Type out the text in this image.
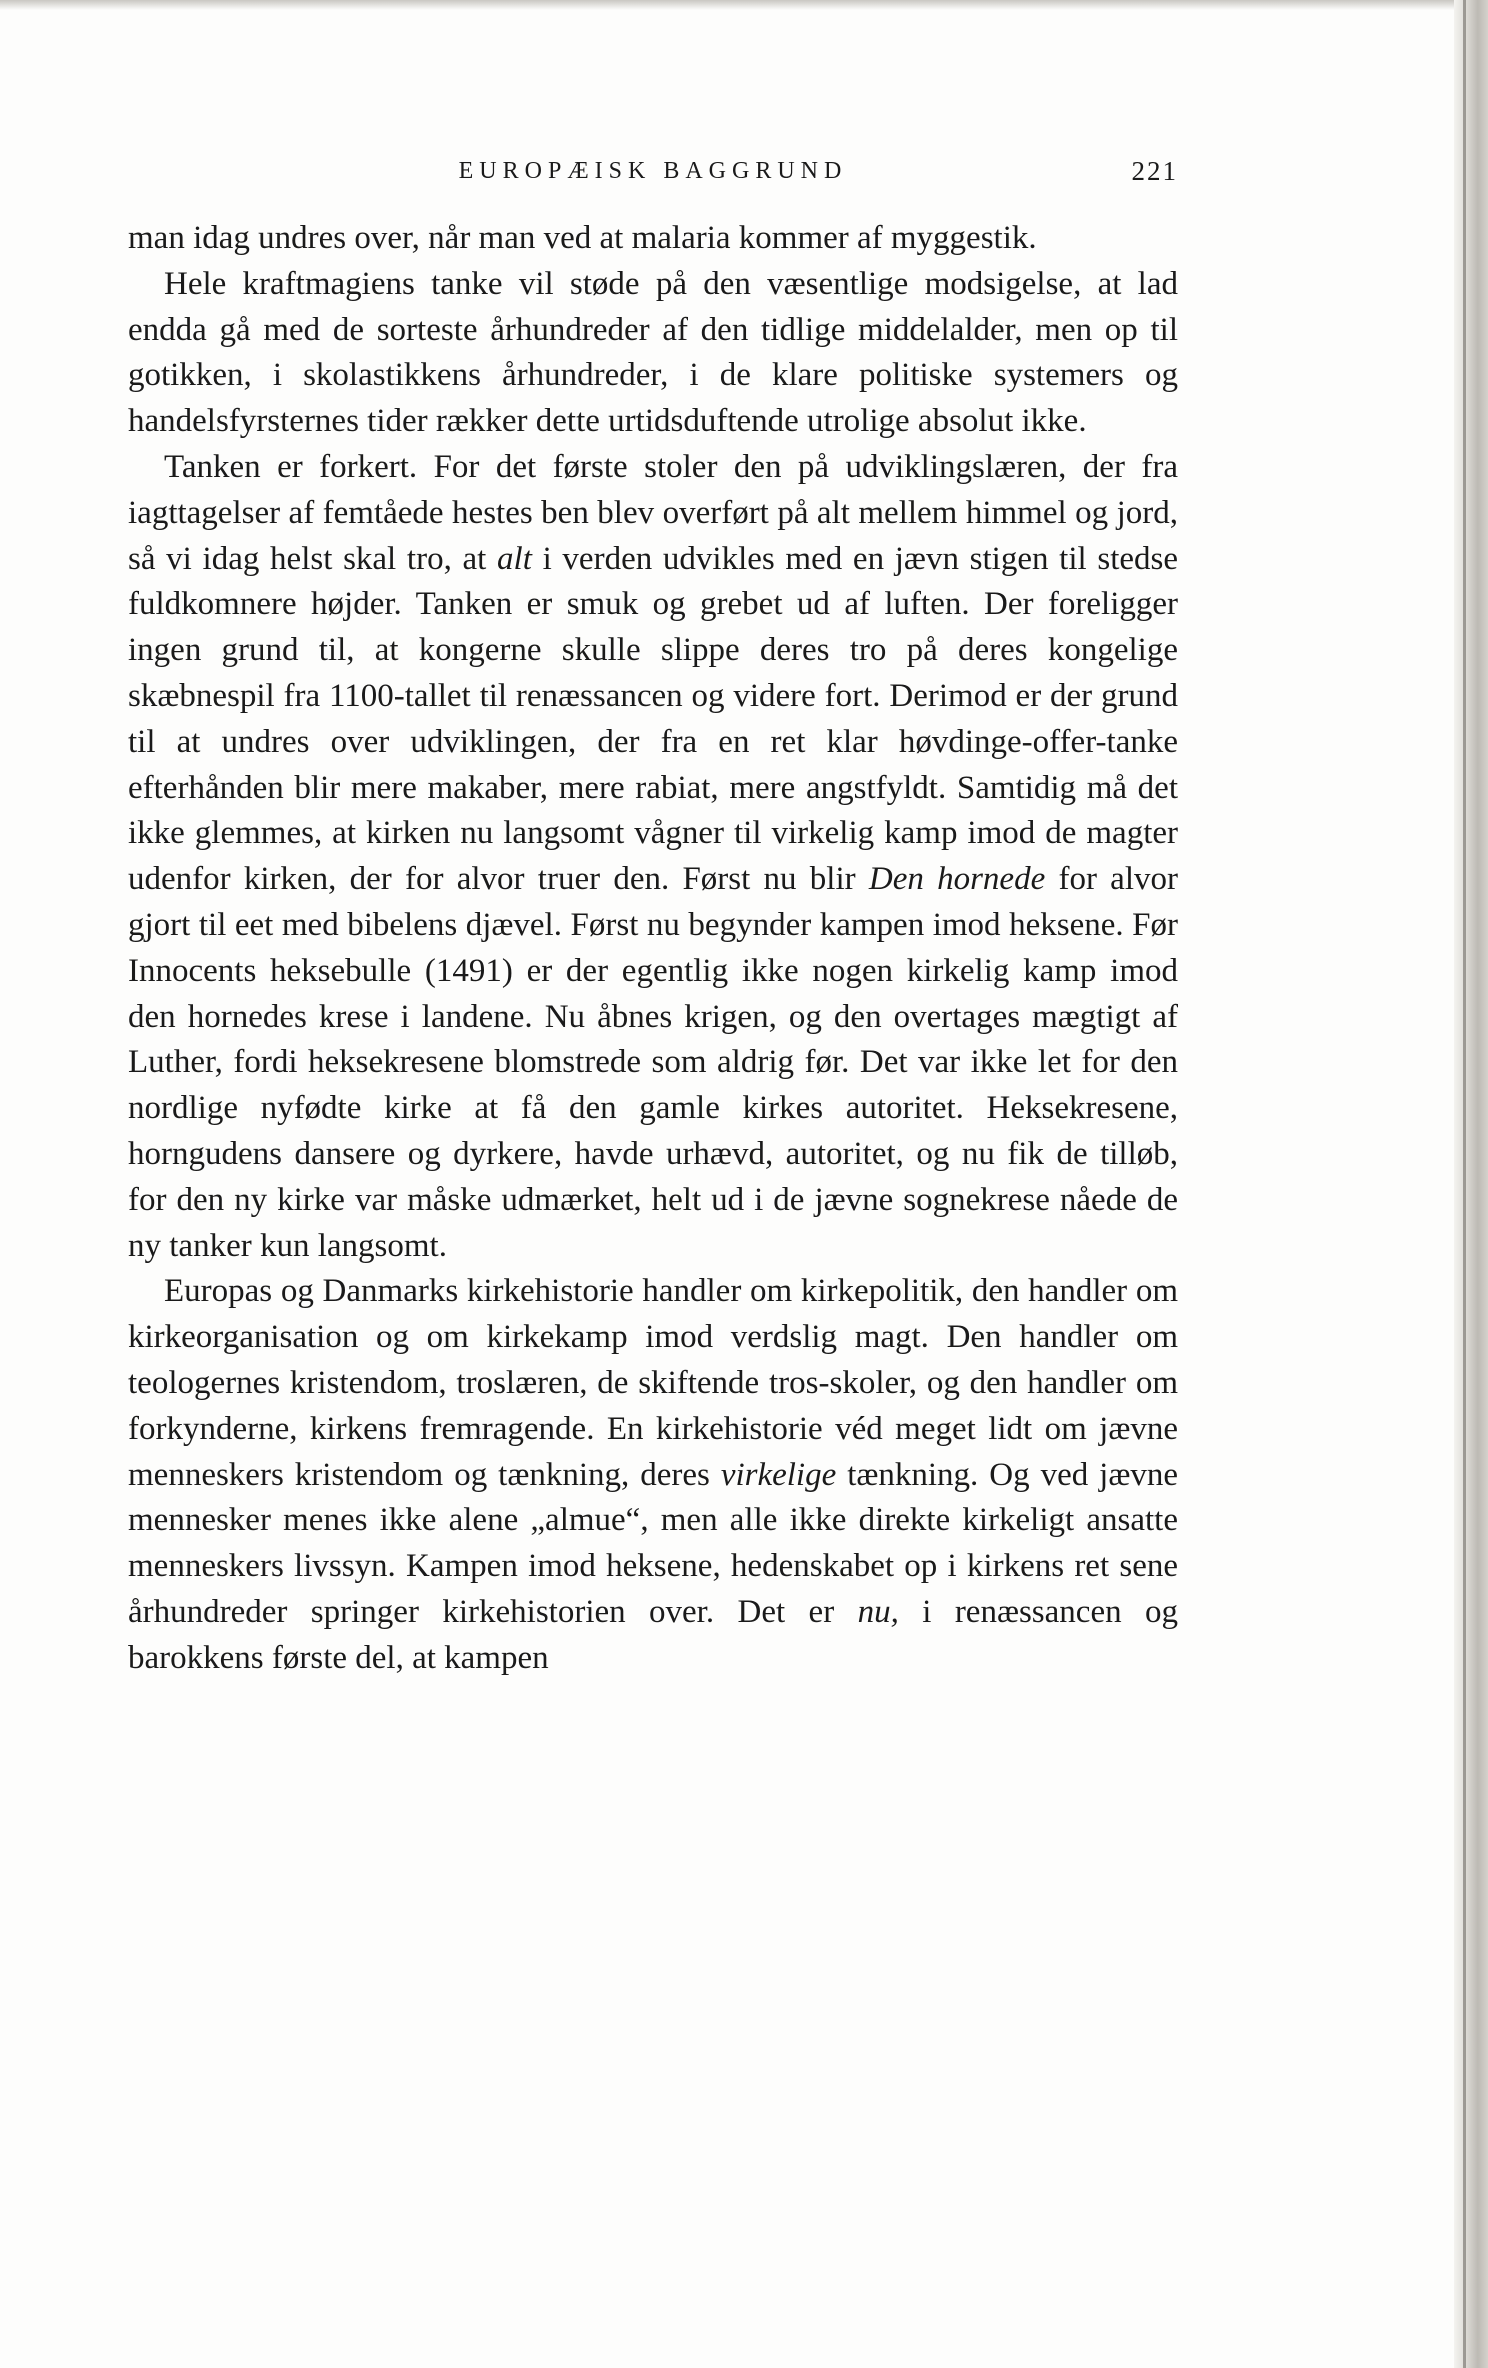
EUROPÆISK BAGGRUND	221

man idag undres over, når man ved at malaria kommer af myggestik.

Hele kraftmagiens tanke vil støde på den væsentlige modsigelse, at lad endda gå med de sorteste århundreder af den tidlige middelalder, men op til gotikken, i skolastikkens århundreder, i de klare politiske systemers og handelsfyrsternes tider rækker dette urtidsduftende utrolige absolut ikke.

Tanken er forkert. For det første stoler den på udviklingslæren, der fra iagttagelser af femtåede hestes ben blev overført på alt mellem himmel og jord, så vi idag helst skal tro, at alt i verden udvikles med en jævn stigen til stedse fuldkomnere højder. Tanken er smuk og grebet ud af luften. Der foreligger ingen grund til, at kongerne skulle slippe deres tro på deres kongelige skæbnespil fra 1100-tallet til renæssancen og videre fort. Derimod er der grund til at undres over udviklingen, der fra en ret klar høvdinge-offer-tanke efterhånden blir mere makaber, mere rabiat, mere angstfyldt. Samtidig må det ikke glemmes, at kirken nu langsomt vågner til virkelig kamp imod de magter udenfor kirken, der for alvor truer den. Først nu blir Den hornede for alvor gjort til eet med bibelens djævel. Først nu begynder kampen imod heksene. Før Innocents heksebulle (1491) er der egentlig ikke nogen kirkelig kamp imod den hornedes krese i landene. Nu åbnes krigen, og den overtages mægtigt af Luther, fordi heksekresene blomstrede som aldrig før. Det var ikke let for den nordlige nyfødte kirke at få den gamle kirkes autoritet. Heksekresene, horngudens dansere og dyrkere, havde urhævd, autoritet, og nu fik de tilløb, for den ny kirke var måske udmærket, helt ud i de jævne sognekrese nåede de ny tanker kun langsomt.

Europas og Danmarks kirkehistorie handler om kirkepolitik, den handler om kirkeorganisation og om kirkekamp imod verdslig magt. Den handler om teologernes kristendom, troslæren, de skiftende tros-skoler, og den handler om forkynderne, kirkens fremragende. En kirkehistorie véd meget lidt om jævne menneskers kristendom og tænkning, deres virkelige tænkning. Og ved jævne mennesker menes ikke alene „almue“, men alle ikke direkte kirkeligt ansatte menneskers livssyn. Kampen imod heksene, hedenskabet op i kirkens ret sene århundreder springer kirkehistorien over. Det er nu, i renæssancen og barokkens første del, at kampen
